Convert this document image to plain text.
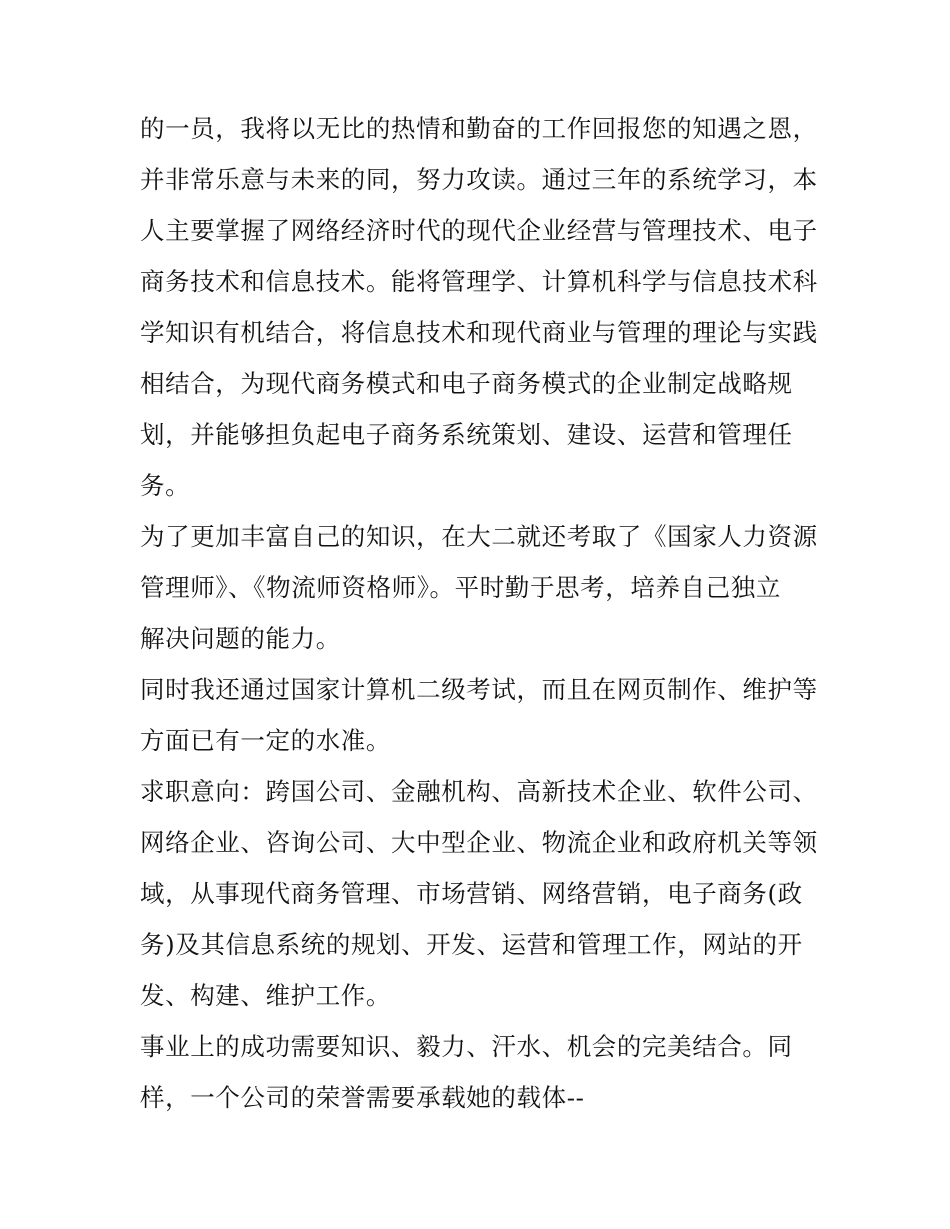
的一员，我将以无比的热情和勤奋的工作回报您的知遇之恩，
并非常乐意与未来的同，努力攻读。通过三年的系统学习，本
人主要掌握了网络经济时代的现代企业经营与管理技术、电子
商务技术和信息技术。能将管理学、计算机科学与信息技术科
学知识有机结合，将信息技术和现代商业与管理的理论与实践
相结合，为现代商务模式和电子商务模式的企业制定战略规
划，并能够担负起电子商务系统策划、建设、运营和管理任
务。
为了更加丰富自己的知识，在大二就还考取了《国家人力资源
管理师》、《物流师资格师》。平时勤于思考，培养自己独立
解决问题的能力。
同时我还通过国家计算机二级考试，而且在网页制作、维护等
方面已有一定的水准。
求职意向：跨国公司、金融机构、高新技术企业、软件公司、
网络企业、咨询公司、大中型企业、物流企业和政府机关等领
域，从事现代商务管理、市场营销、网络营销，电子商务(政
务)及其信息系统的规划、开发、运营和管理工作，网站的开
发、构建、维护工作。
事业上的成功需要知识、毅力、汗水、机会的完美结合。同
样，一个公司的荣誉需要承载她的载体--
